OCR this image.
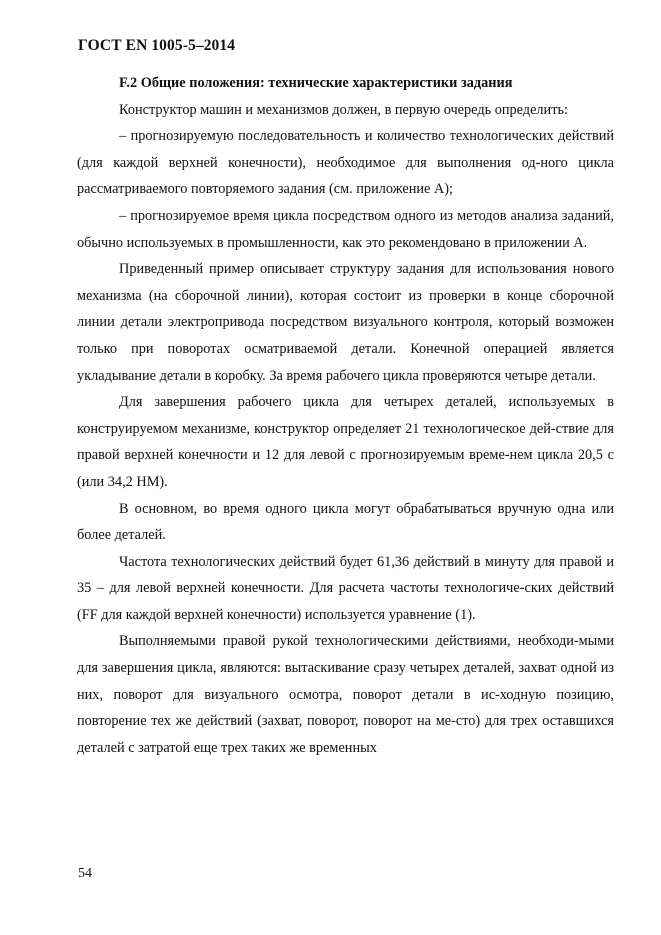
ГОСТ EN 1005-5–2014

F.2 Общие положения: технические характеристики задания

Конструктор машин и механизмов должен, в первую очередь определить:

– прогнозируемую последовательность и количество технологических действий (для каждой верхней конечности), необходимое для выполнения од-ного цикла рассматриваемого повторяемого задания (см. приложение А);

– прогнозируемое время цикла посредством одного из методов анализа заданий, обычно используемых в промышленности, как это рекомендовано в приложении А.

Приведенный пример описывает структуру задания для использования нового механизма (на сборочной линии), которая состоит из проверки в конце сборочной линии детали электропривода посредством визуального контроля, который возможен только при поворотах осматриваемой детали. Конечной операцией является укладывание детали в коробку. За время рабочего цикла проверяются четыре детали.

Для завершения рабочего цикла для четырех деталей, используемых в конструируемом механизме, конструктор определяет 21 технологическое дей-ствие для правой верхней конечности и 12 для левой с прогнозируемым време-нем цикла 20,5 с (или 34,2 НМ).

В основном, во время одного цикла могут обрабатываться вручную одна или более деталей.

Частота технологических действий будет 61,36 действий в минуту для правой и 35 – для левой верхней конечности. Для расчета частоты технологиче-ских действий (FF для каждой верхней конечности) используется уравнение (1).

Выполняемыми правой рукой технологическими действиями, необходи-мыми для завершения цикла, являются: вытаскивание сразу четырех деталей, захват одной из них, поворот для визуального осмотра, поворот детали в ис-ходную позицию, повторение тех же действий (захват, поворот, поворот на ме-сто) для трех оставшихся деталей с затратой еще трех таких же временных

54
